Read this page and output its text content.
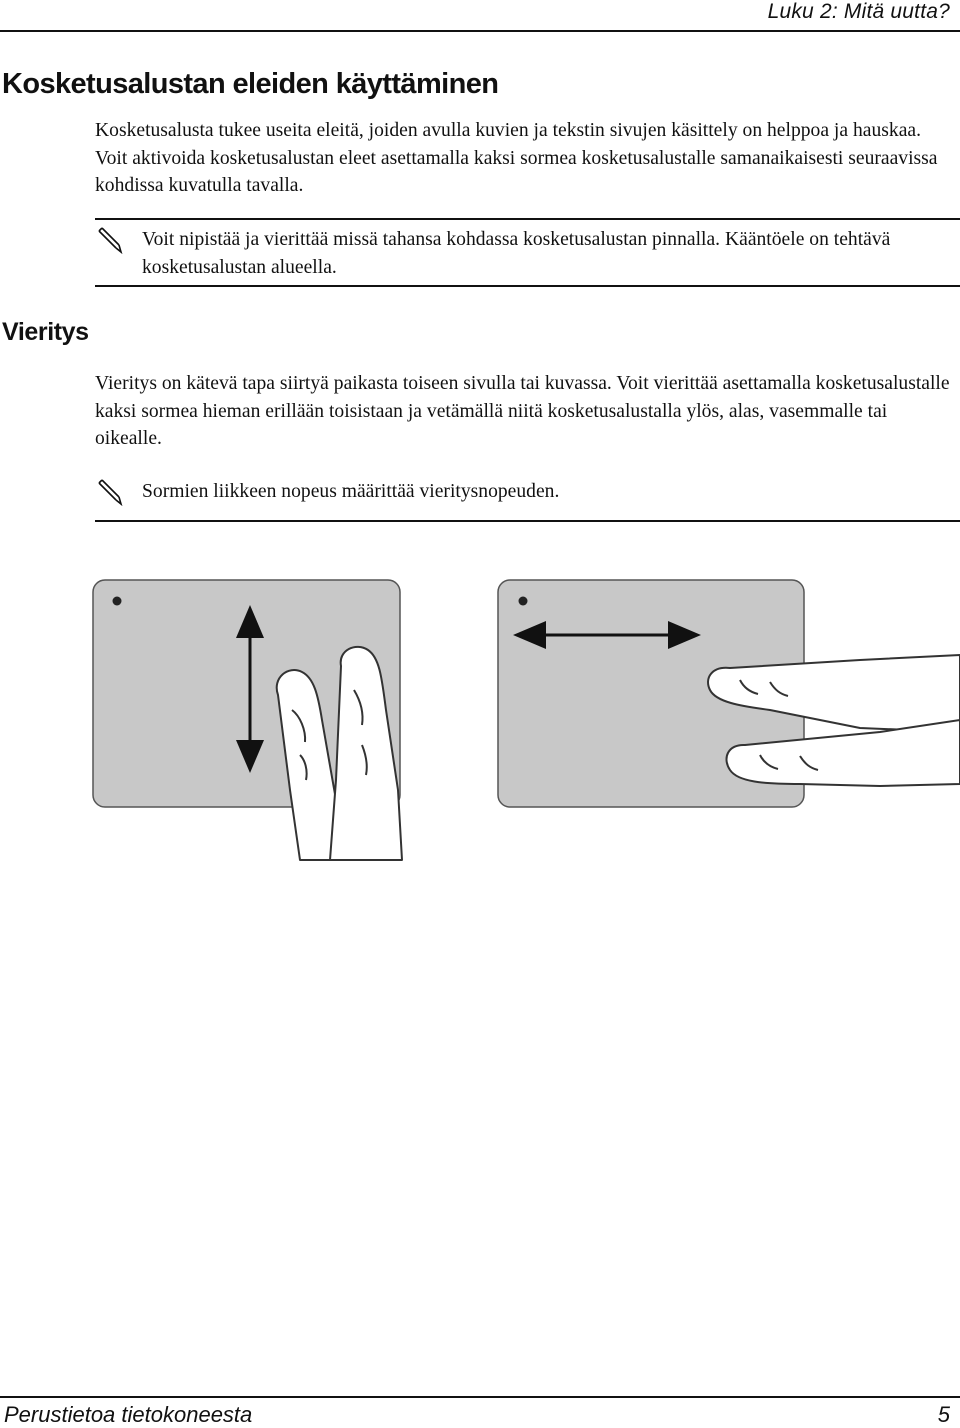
Luku 2: Mitä uutta?
Kosketusalustan eleiden käyttäminen
Kosketusalusta tukee useita eleitä, joiden avulla kuvien ja tekstin sivujen käsittely on helppoa ja hauskaa. Voit aktivoida kosketusalustan eleet asettamalla kaksi sormea kosketusalustalle samanaikaisesti seuraavissa kohdissa kuvatulla tavalla.
Voit nipistää ja vierittää missä tahansa kohdassa kosketusalustan pinnalla. Kääntöele on tehtävä kosketusalustan alueella.
Vieritys
Vieritys on kätevä tapa siirtyä paikasta toiseen sivulla tai kuvassa. Voit vierittää asettamalla kosketusalustalle kaksi sormea hieman erillään toisistaan ja vetämällä niitä kosketusalustalla ylös, alas, vasemmalle tai oikealle.
Sormien liikkeen nopeus määrittää vieritysnopeuden.
Perustietoa tietokoneesta	5
